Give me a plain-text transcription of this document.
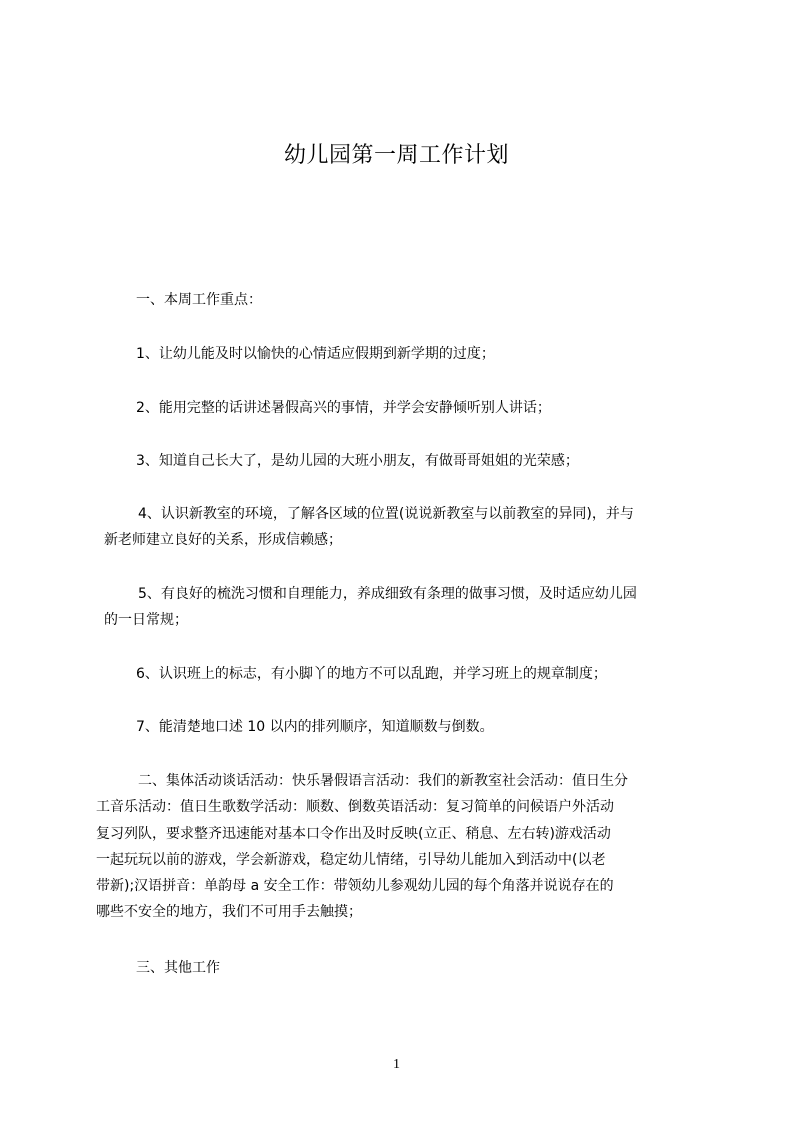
幼儿园第一周工作计划
一、本周工作重点：
1、让幼儿能及时以愉快的心情适应假期到新学期的过度；
2、能用完整的话讲述暑假高兴的事情，并学会安静倾听别人讲话；
3、知道自己长大了，是幼儿园的大班小朋友，有做哥哥姐姐的光荣感；
4、认识新教室的环境，了解各区域的位置(说说新教室与以前教室的异同)，并与
新老师建立良好的关系，形成信赖感；
5、有良好的梳洗习惯和自理能力，养成细致有条理的做事习惯，及时适应幼儿园
的一日常规；
6、认识班上的标志，有小脚丫的地方不可以乱跑，并学习班上的规章制度；
7、能清楚地口述 10 以内的排列顺序，知道顺数与倒数。
二、集体活动谈话活动：快乐暑假语言活动：我们的新教室社会活动：值日生分
工音乐活动：值日生歌数学活动：顺数、倒数英语活动：复习简单的问候语户外活动
复习列队，要求整齐迅速能对基本口令作出及时反映(立正、稍息、左右转)游戏活动
一起玩玩以前的游戏，学会新游戏，稳定幼儿情绪，引导幼儿能加入到活动中(以老
带新);汉语拼音：单韵母 a 安全工作：带领幼儿参观幼儿园的每个角落并说说存在的
哪些不安全的地方，我们不可用手去触摸；
三、其他工作
1
